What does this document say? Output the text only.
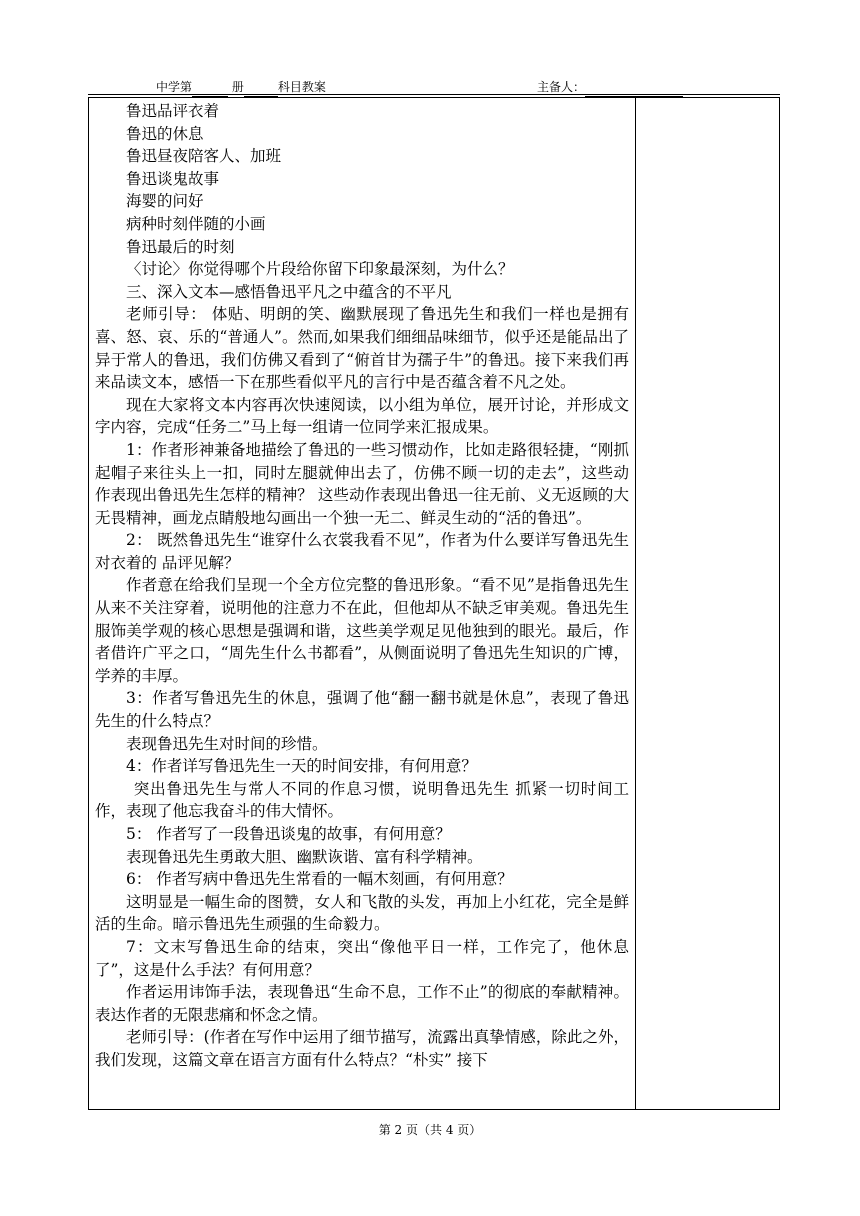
中学第	册	科目教案	主备人：

鲁迅品评衣着

鲁迅的休息

鲁迅昼夜陪客人、加班

鲁迅谈鬼故事

海婴的问好

病种时刻伴随的小画

鲁迅最后的时刻

〈讨论〉你觉得哪个片段给你留下印象最深刻，为什么？

三、深入文本—感悟鲁迅平凡之中蕴含的不平凡

老师引导： 体贴、明朗的笑、幽默展现了鲁迅先生和我们一样也是拥有喜、怒、哀、乐的“普通人”。然而,如果我们细细品味细节，似乎还是能品出了异于常人的鲁迅，我们仿佛又看到了“俯首甘为孺子牛”的鲁迅。接下来我们再来品读文本，感悟一下在那些看似平凡的言行中是否蕴含着不凡之处。

现在大家将文本内容再次快速阅读，以小组为单位，展开讨论，并形成文字内容，完成“任务二”马上每一组请一位同学来汇报成果。

1：作者形神兼备地描绘了鲁迅的一些习惯动作，比如走路很轻捷，“刚抓起帽子来往头上一扣，同时左腿就伸出去了，仿佛不顾一切的走去”，这些动作表现出鲁迅先生怎样的精神？ 这些动作表现出鲁迅一往无前、义无返顾的大无畏精神，画龙点睛般地勾画出一个独一无二、鲜灵生动的“活的鲁迅”。

2： 既然鲁迅先生“谁穿什么衣裳我看不见”，作者为什么要详写鲁迅先生对衣着的 品评见解？

作者意在给我们呈现一个全方位完整的鲁迅形象。“看不见”是指鲁迅先生从来不关注穿着，说明他的注意力不在此，但他却从不缺乏审美观。鲁迅先生服饰美学观的核心思想是强调和谐，这些美学观足见他独到的眼光。最后，作者借许广平之口，“周先生什么书都看”，从侧面说明了鲁迅先生知识的广博，学养的丰厚。

3：作者写鲁迅先生的休息，强调了他“翻一翻书就是休息”，表现了鲁迅先生的什么特点？

表现鲁迅先生对时间的珍惜。

4：作者详写鲁迅先生一天的时间安排，有何用意？

突出鲁迅先生与常人不同的作息习惯，说明鲁迅先生 抓紧一切时间工作，表现了他忘我奋斗的伟大情怀。

5： 作者写了一段鲁迅谈鬼的故事，有何用意？

表现鲁迅先生勇敢大胆、幽默诙谐、富有科学精神。

6： 作者写病中鲁迅先生常看的一幅木刻画，有何用意？

这明显是一幅生命的图赞，女人和飞散的头发，再加上小红花，完全是鲜活的生命。暗示鲁迅先生顽强的生命毅力。

7：文末写鲁迅生命的结束，突出“像他平日一样，工作完了，他休息了”，这是什么手法？有何用意？

作者运用讳饰手法，表现鲁迅“生命不息，工作不止”的彻底的奉献精神。表达作者的无限悲痛和怀念之情。

老师引导：(作者在写作中运用了细节描写，流露出真挚情感，除此之外，我们发现，这篇文章在语言方面有什么特点？“朴实” 接下

第 2 页（共 4 页）
